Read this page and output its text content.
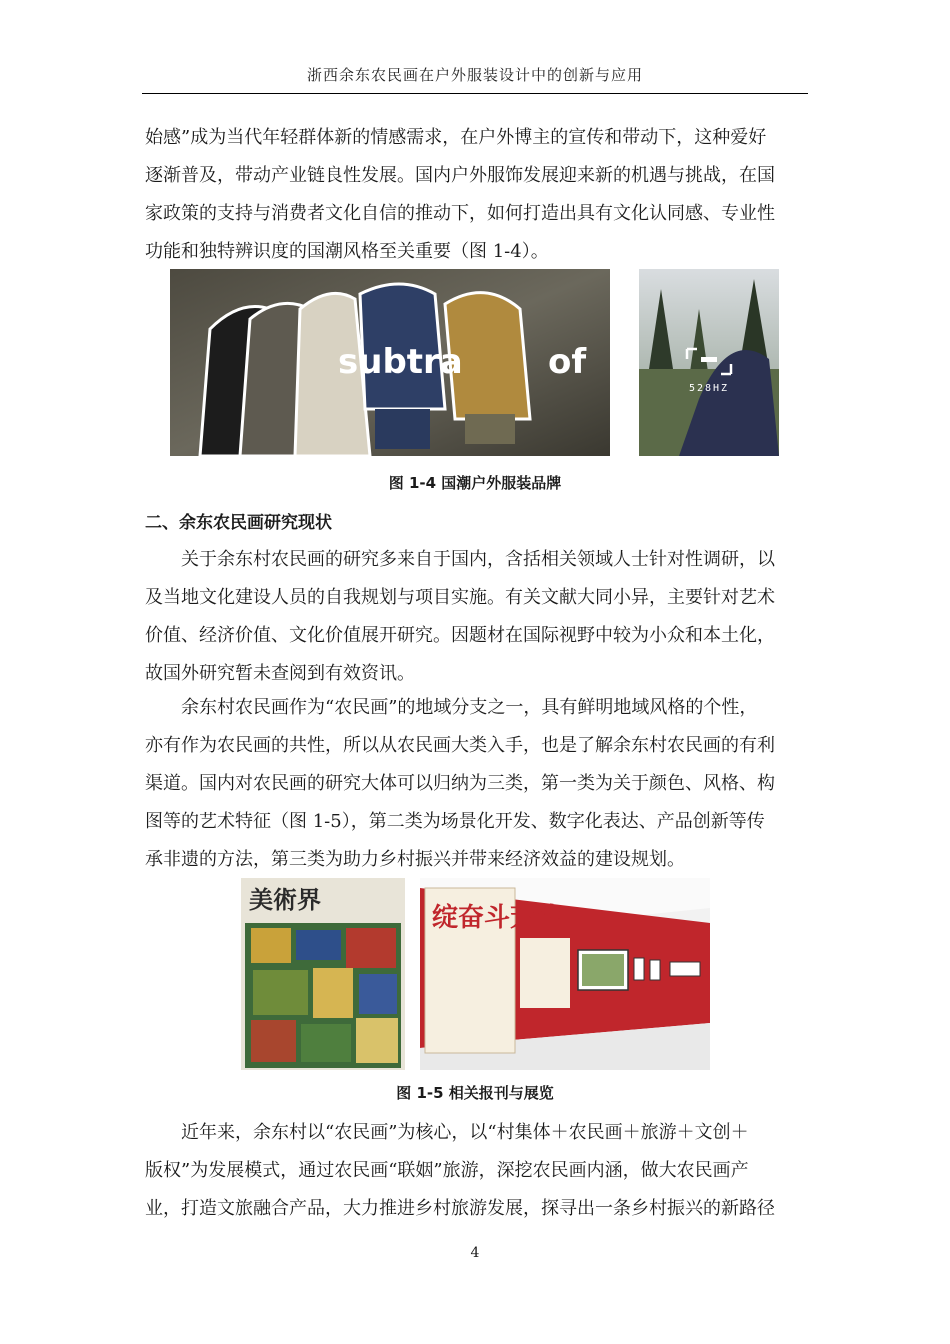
浙西余东农民画在户外服装设计中的创新与应用
始感”成为当代年轻群体新的情感需求，在户外博主的宣传和带动下，这种爱好
逐渐普及，带动产业链良性发展。国内户外服饰发展迎来新的机遇与挑战，在国
家政策的支持与消费者文化自信的推动下，如何打造出具有文化认同感、专业性
功能和独特辨识度的国潮风格至关重要（图 1-4）。
subtra	of
528HZ
图 1-4 国潮户外服装品牌
二、余东农民画研究现状
　　关于余东村农民画的研究多来自于国内，含括相关领域人士针对性调研，以
及当地文化建设人员的自我规划与项目实施。有关文献大同小异，主要针对艺术
价值、经济价值、文化价值展开研究。因题材在国际视野中较为小众和本土化，
故国外研究暂未查阅到有效资讯。
　　余东村农民画作为“农民画”的地域分支之一，具有鲜明地域风格的个性，
亦有作为农民画的共性，所以从农民画大类入手，也是了解余东村农民画的有利
渠道。国内对农民画的研究大体可以归纳为三类，第一类为关于颜色、风格、构
图等的艺术特征（图 1-5），第二类为场景化开发、数字化表达、产品创新等传
承非遗的方法，第三类为助力乡村振兴并带来经济效益的建设规划。
美術界
绽奋斗芳华
图 1-5 相关报刊与展览
　　近年来，余东村以“农民画”为核心，以“村集体＋农民画＋旅游＋文创＋
版权”为发展模式，通过农民画“联姻”旅游，深挖农民画内涵，做大农民画产
业，打造文旅融合产品，大力推进乡村旅游发展，探寻出一条乡村振兴的新路径
4
